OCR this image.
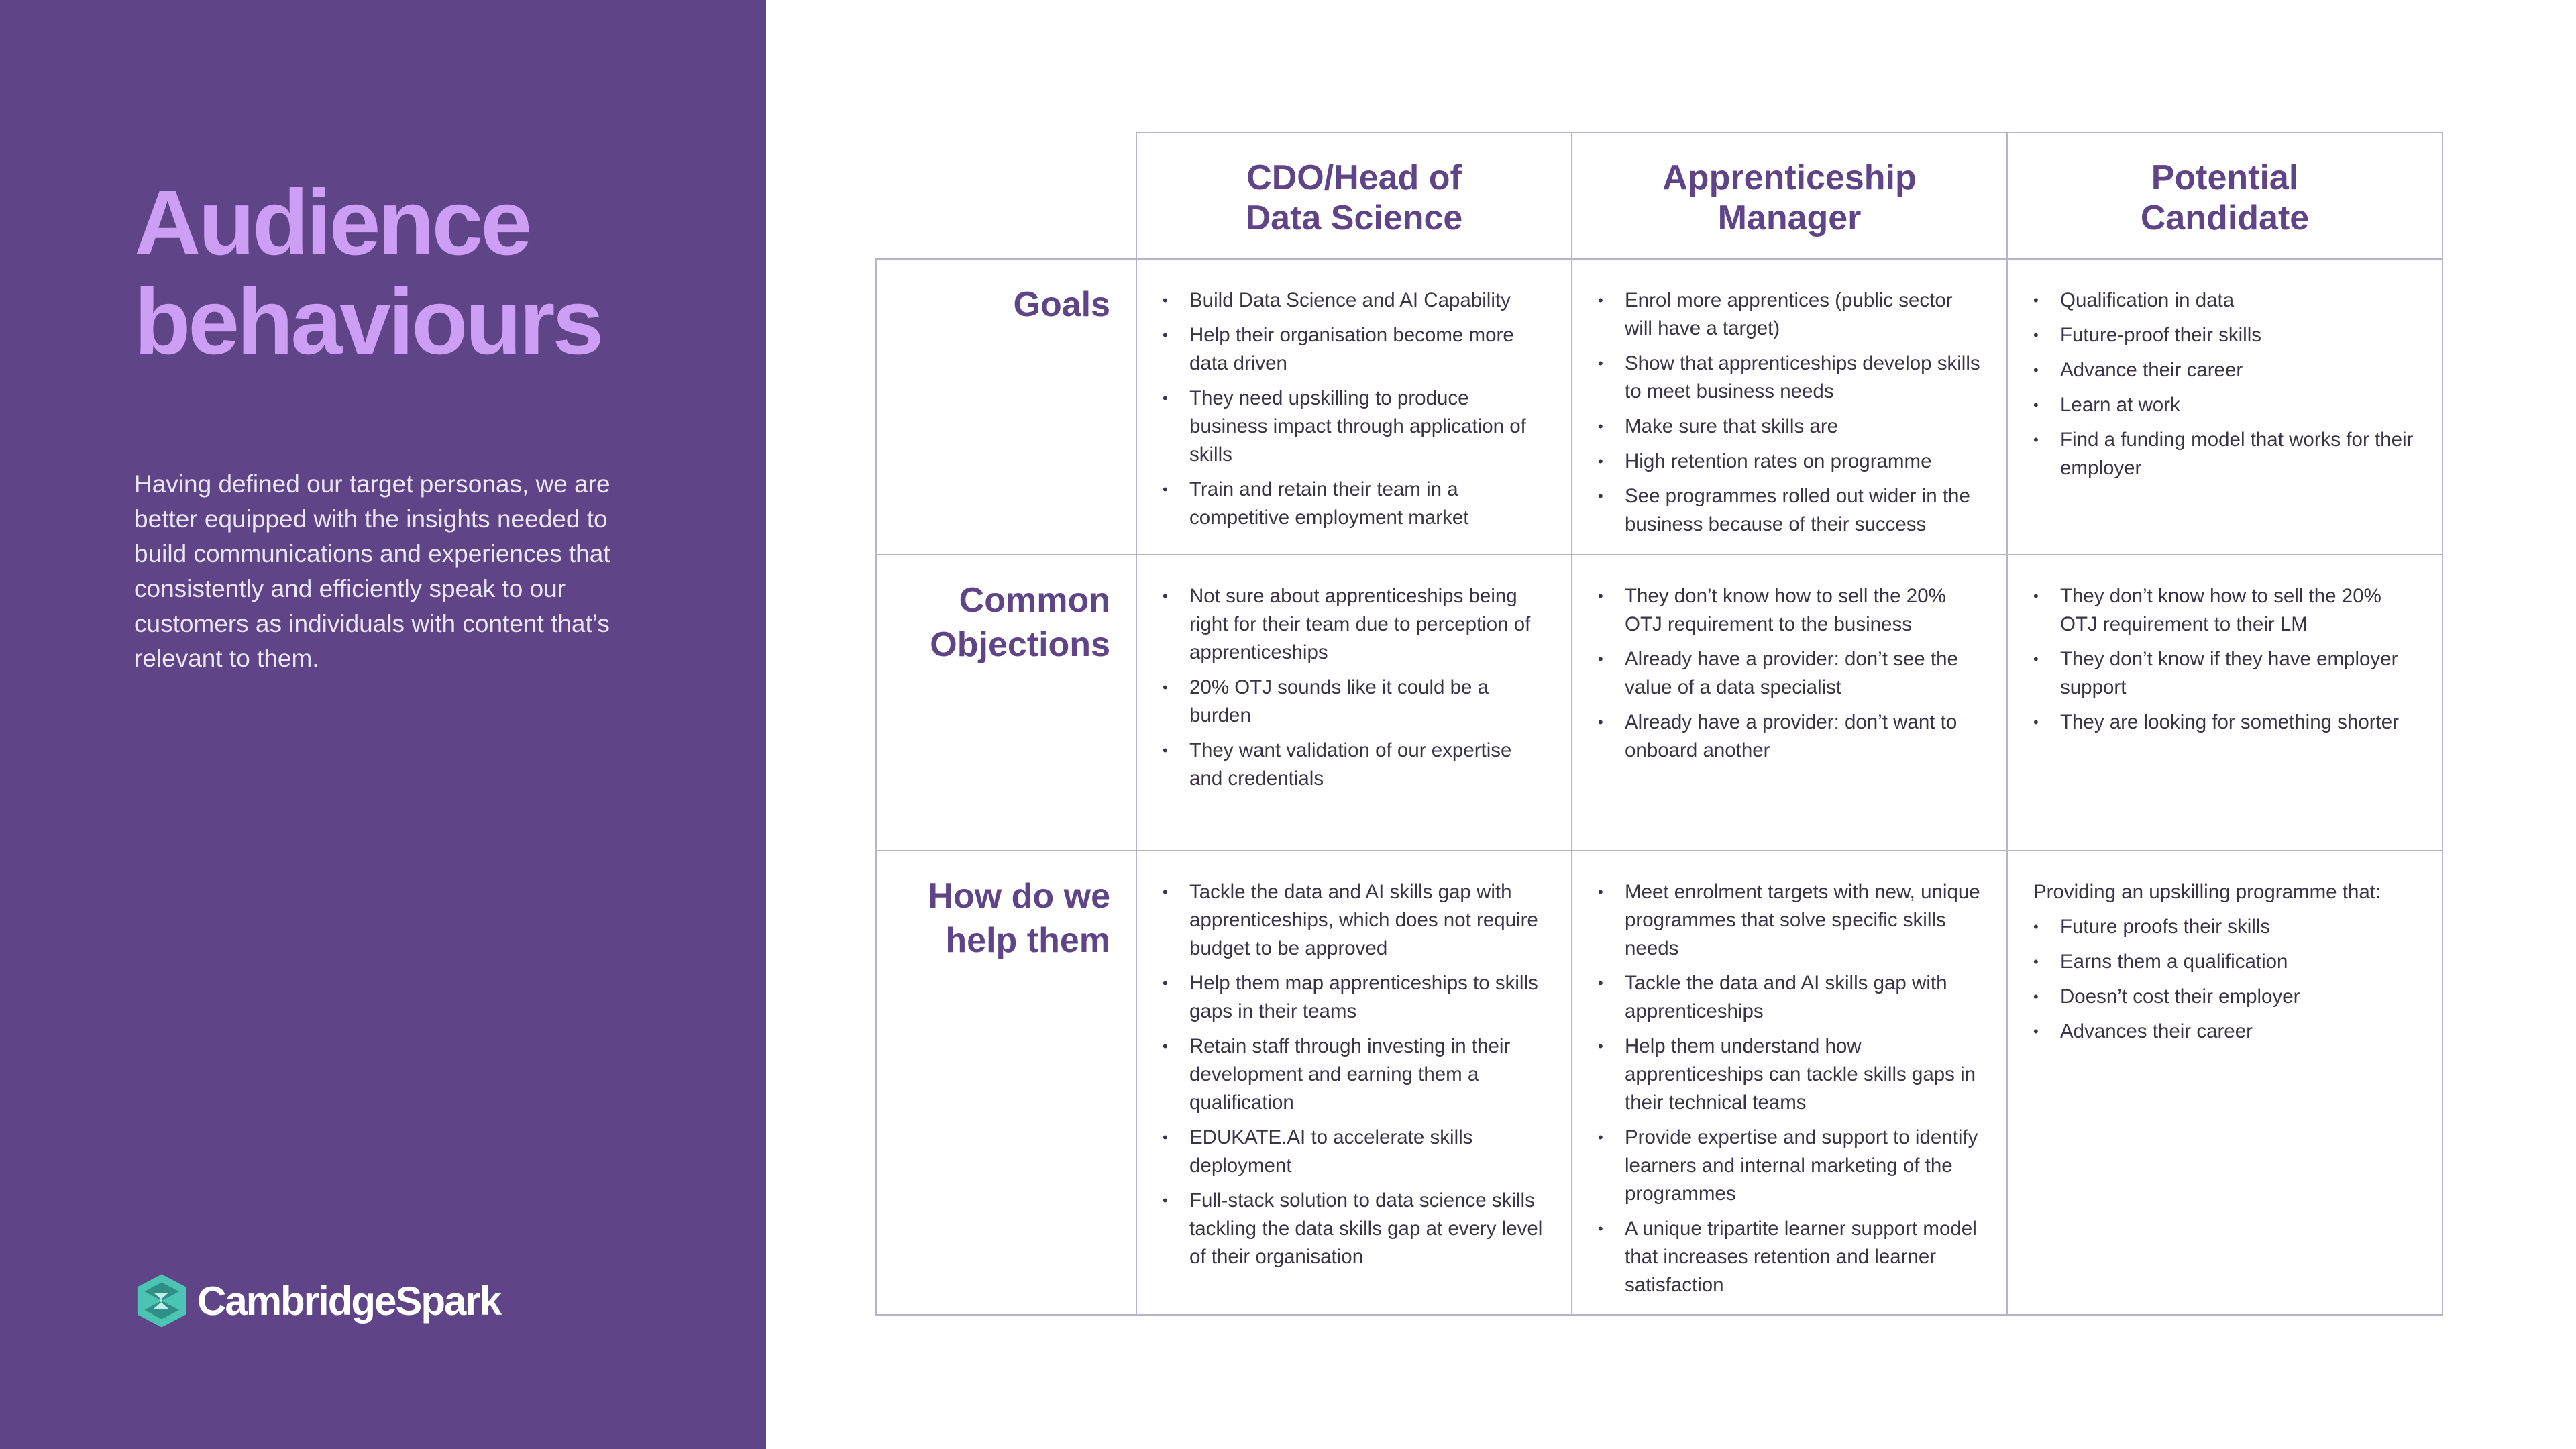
Audience
behaviours

Having defined our target personas, we are better equipped with the insights needed to build communications and experiences that consistently and efficiently speak to our customers as individuals with content that’s relevant to them.

CambridgeSpark
CDO/Head of
Data Science
Apprenticeship
Manager
Potential
Candidate
Goals
•	Build Data Science and AI Capability
• Help their organisation become more data driven
• They need upskilling to produce business impact through application of skills
• Train and retain their team in a competitive employment market
• Enrol more apprentices (public sector will have a target)
• Show that apprenticeships develop skills to meet business needs
• Make sure that skills are
• High retention rates on programme
• See programmes rolled out wider in the business because of their success
• Qualification in data
• Future-proof their skills
• Advance their career
• Learn at work
• Find a funding model that works for their employer
Common
Objections
• Not sure about apprenticeships being right for their team due to perception of apprenticeships
• 20% OTJ sounds like it could be a burden
• They want validation of our expertise and credentials
• They don’t know how to sell the 20% OTJ requirement to the business
• Already have a provider: don’t see the value of a data specialist
• Already have a provider: don’t want to onboard another
• They don’t know how to sell the 20% OTJ requirement to their LM
• They don’t know if they have employer support
• They are looking for something shorter
How do we
help them
• Tackle the data and AI skills gap with apprenticeships, which does not require budget to be approved
• Help them map apprenticeships to skills gaps in their teams
• Retain staff through investing in their development and earning them a qualification
• EDUKATE.AI to accelerate skills deployment
• Full-stack solution to data science skills tackling the data skills gap at every level of their organisation
• Meet enrolment targets with new, unique programmes that solve specific skills needs
• Tackle the data and AI skills gap with apprenticeships
• Help them understand how apprenticeships can tackle skills gaps in their technical teams
• Provide expertise and support to identify learners and internal marketing of the programmes
• A unique tripartite learner support model that increases retention and learner satisfaction

Providing an upskilling programme that:

• Future proofs their skills
• Earns them a qualification
• Doesn’t cost their employer
• Advances their career
